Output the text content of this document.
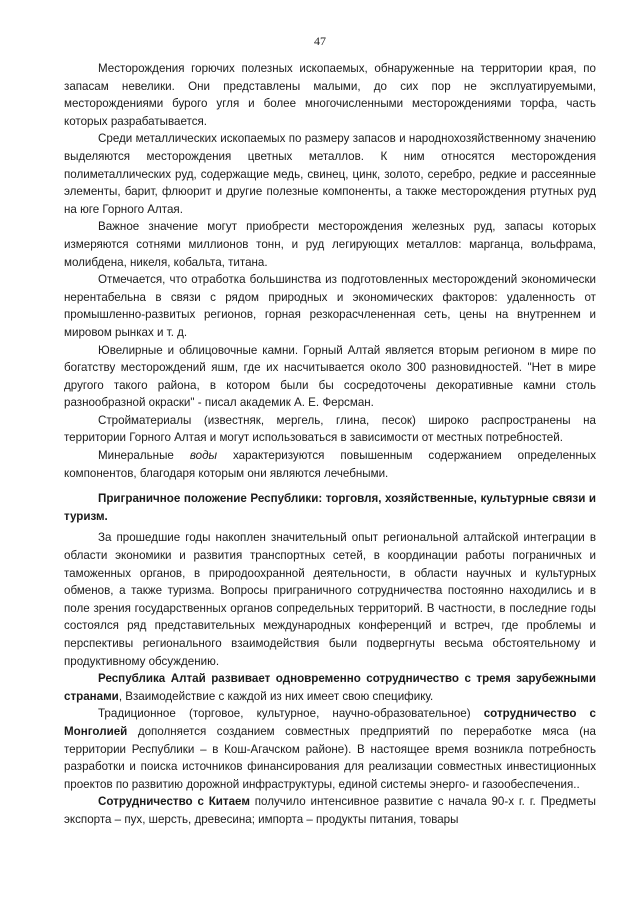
47

Месторождения горючих полезных ископаемых, обнаруженные на территории края, по запасам невелики. Они представлены малыми, до сих пор не эксплуатируемыми, месторождениями бурого угля и более многочисленными месторождениями торфа, часть которых разрабатывается.

Среди металлических ископаемых по размеру запасов и народнохозяйственному значению выделяются месторождения цветных металлов. К ним относятся месторождения полиметаллических руд, содержащие медь, свинец, цинк, золото, серебро, редкие и рассеянные элементы, барит, флюорит и другие полезные компоненты, а также месторождения ртутных руд на юге Горного Алтая.

Важное значение могут приобрести месторождения железных руд, запасы которых измеряются сотнями миллионов тонн, и руд легирующих металлов: марганца, вольфрама, молибдена, никеля, кобальта, титана.

Отмечается, что отработка большинства из подготовленных месторождений экономически нерентабельна в связи с рядом природных и экономических факторов: удаленность от промышленно-развитых регионов, горная резкорасчлененная сеть, цены на внутреннем и мировом рынках и т. д.

Ювелирные и облицовочные камни. Горный Алтай является вторым регионом в мире по богатству месторождений яшм, где их насчитывается около 300 разновидностей. "Нет в мире другого такого района, в котором были бы сосредоточены декоративные камни столь разнообразной окраски" - писал академик А. Е. Ферсман.

Стройматериалы (известняк, мергель, глина, песок) широко распространены на территории Горного Алтая и могут использоваться в зависимости от местных потребностей.

Минеральные воды характеризуются повышенным содержанием определенных компонентов, благодаря которым они являются лечебными.

Приграничное положение Республики: торговля, хозяйственные, культурные связи и туризм.

За прошедшие годы накоплен значительный опыт региональной алтайской интеграции в области экономики и развития транспортных сетей, в координации работы пограничных и таможенных органов, в природоохранной деятельности, в области научных и культурных обменов, а также туризма. Вопросы приграничного сотрудничества постоянно находились и в поле зрения государственных органов сопредельных территорий. В частности, в последние годы состоялся ряд представительных международных конференций и встреч, где проблемы и перспективы регионального взаимодействия были подвергнуты весьма обстоятельному и продуктивному обсуждению.

Республика Алтай развивает одновременно сотрудничество с тремя зарубежными странами, Взаимодействие с каждой из них имеет свою специфику.

Традиционное (торговое, культурное, научно-образовательное) сотрудничество с Монголией дополняется созданием совместных предприятий по переработке мяса (на территории Республики – в Кош-Агачском районе). В настоящее время возникла потребность разработки и поиска источников финансирования для реализации совместных инвестиционных проектов по развитию дорожной инфраструктуры, единой системы энерго- и газообеспечения..

Сотрудничество с Китаем получило интенсивное развитие с начала 90-х г. г. Предметы экспорта – пух, шерсть, древесина; импорта – продукты питания, товары
